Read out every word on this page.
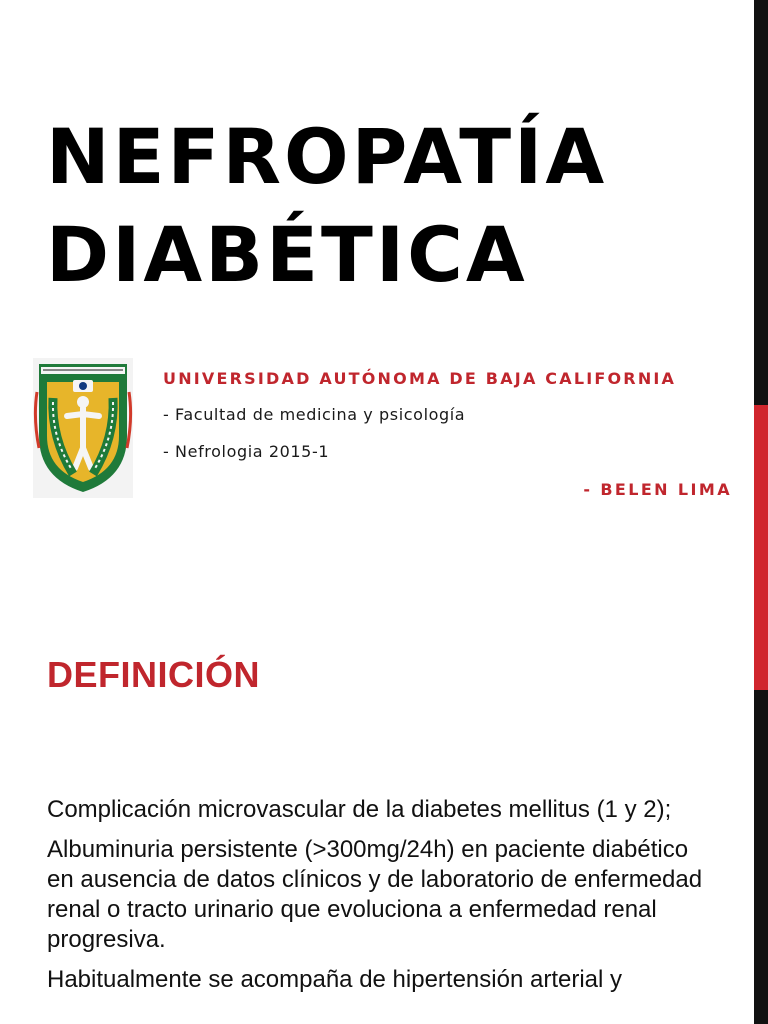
NEFROPATÍA
DIABÉTICA
UNIVERSIDAD AUTÓNOMA DE BAJA CALIFORNIA
- Facultad de medicina y psicología
- Nefrologia 2015-1
- BELEN LIMA
DEFINICIÓN

Complicación microvascular de la diabetes mellitus (1 y 2);

Albuminuria persistente (>300mg/24h) en paciente diabético en ausencia de datos clínicos y de laboratorio de enfermedad renal o tracto urinario que evoluciona a enfermedad renal progresiva.

Habitualmente se acompaña de hipertensión arterial y
